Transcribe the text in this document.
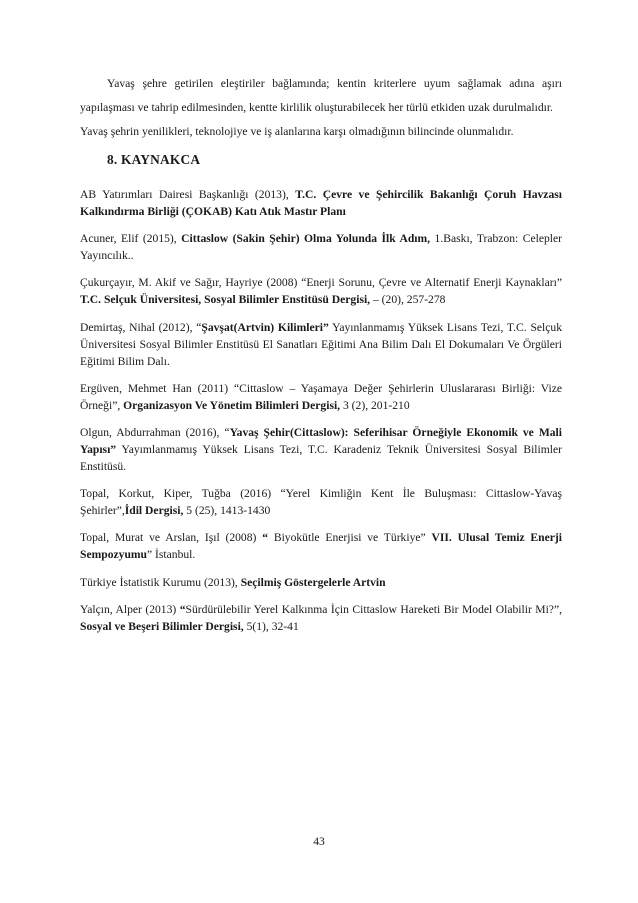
Yavaş şehre getirilen eleştiriler bağlamında; kentin kriterlere uyum sağlamak adına aşırı yapılaşması ve tahrip edilmesinden, kentte kirlilik oluşturabilecek her türlü etkiden uzak durulmalıdır.

Yavaş şehrin yenilikleri, teknolojiye ve iş alanlarına karşı olmadığının bilincinde olunmalıdır.

8. KAYNAKCA

AB Yatırımları Dairesi Başkanlığı (2013), T.C. Çevre ve Şehircilik Bakanlığı Çoruh Havzası Kalkındırma Birliği (ÇOKAB) Katı Atık Mastır Planı

Acuner, Elif (2015), Cittaslow (Sakin Şehir) Olma Yolunda İlk Adım, 1.Baskı, Trabzon: Celepler Yayıncılık..

Çukurçayır, M. Akif ve Sağır, Hayriye (2008) “Enerji Sorunu, Çevre ve Alternatif Enerji Kaynakları” T.C. Selçuk Üniversitesi, Sosyal Bilimler Enstitüsü Dergisi, – (20), 257-278

Demirtaş, Nihal (2012), “Şavşat(Artvin) Kilimleri” Yayınlanmamış Yüksek Lisans Tezi, T.C. Selçuk Üniversitesi Sosyal Bilimler Enstitüsü El Sanatları Eğitimi Ana Bilim Dalı El Dokumaları Ve Örgüleri Eğitimi Bilim Dalı.

Ergüven, Mehmet Han (2011) “Cittaslow – Yaşamaya Değer Şehirlerin Uluslararası Birliği: Vize Örneği”, Organizasyon Ve Yönetim Bilimleri Dergisi, 3 (2), 201-210

Olgun, Abdurrahman (2016), “Yavaş Şehir(Cittaslow): Seferihisar Örneğiyle Ekonomik ve Mali Yapısı” Yayımlanmamış Yüksek Lisans Tezi, T.C. Karadeniz Teknik Üniversitesi Sosyal Bilimler Enstitüsü.

Topal, Korkut, Kiper, Tuğba (2016) “Yerel Kimliğin Kent İle Buluşması: Cittaslow-Yavaş Şehirler”,İdil Dergisi, 5 (25), 1413-1430

Topal, Murat ve Arslan, Işıl (2008) “ Biyokütle Enerjisi ve Türkiye” VII. Ulusal Temiz Enerji Sempozyumu” İstanbul.

Türkiye İstatistik Kurumu (2013), Seçilmiş Göstergelerle Artvin

Yalçın, Alper (2013) “Sürdürülebilir Yerel Kalkınma İçin Cittaslow Hareketi Bir Model Olabilir Mi?”, Sosyal ve Beşeri Bilimler Dergisi, 5(1), 32-41

43
